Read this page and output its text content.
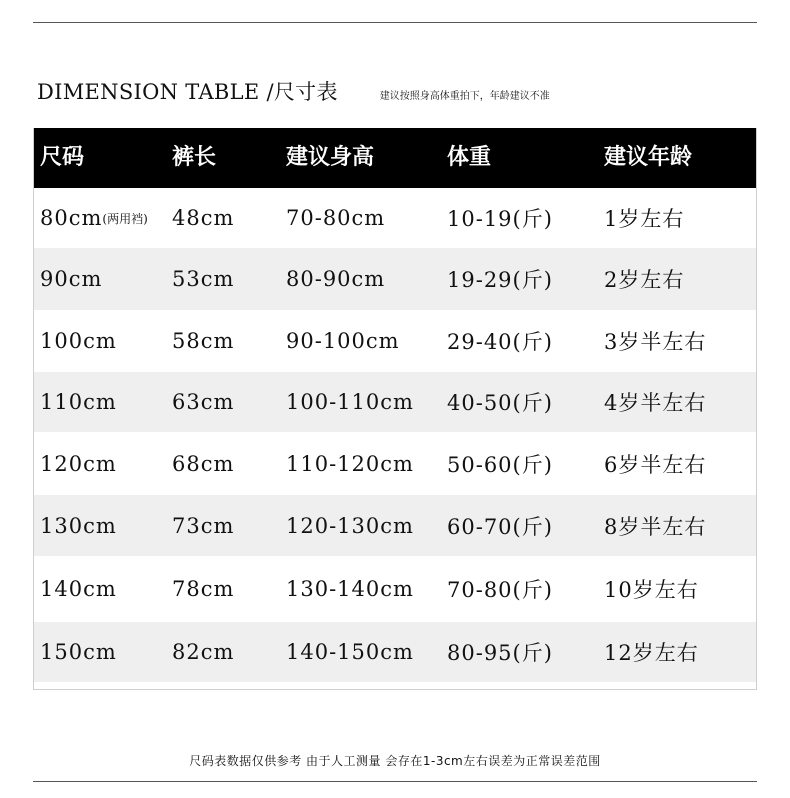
DIMENSION TABLE /尺寸表	建议按照身高体重拍下，年龄建议不准
尺码	裤长	建议身高	体重	建议年龄
80cm (两用裆) 48cm 70-80cm	10-19(斤) 1岁左右
90cm	53cm 80-90cm	19-29(斤) 2岁左右
100cm	58cm 90-100cm 29-40(斤) 3岁半左右
110cm	63cm 100-110cm 40-50(斤) 4岁半左右
120cm	68cm 110-120cm 50-60(斤) 6岁半左右
130cm	73cm 120-130cm 60-70(斤) 8岁半左右
140cm	78cm 130-140cm 70-80(斤) 10岁左右
150cm	82cm 140-150cm 80-95(斤) 12岁左右
尺码表数据仅供参考 由于人工测量 会存在1-3cm左右误差为正常误差范围
